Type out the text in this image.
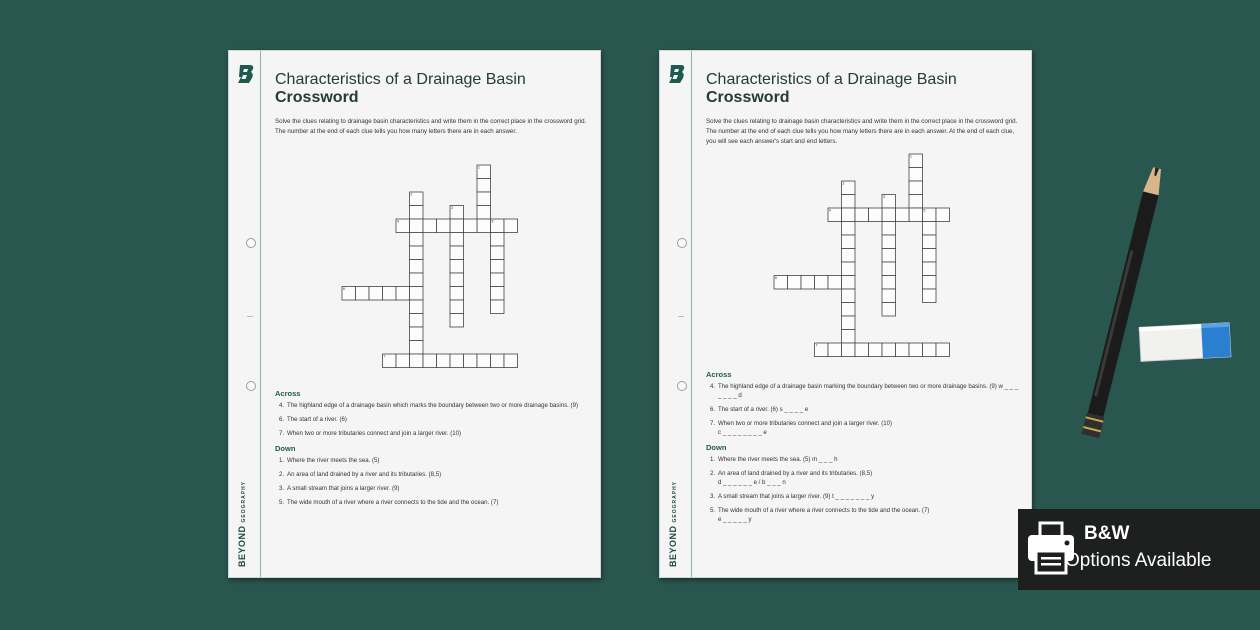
BEYONDGEOGRAPHY
Characteristics of a Drainage Basin
Crossword
Solve the clues relating to drainage basin characteristics and write them in the correct place in the crossword grid. The number at the end of each clue tells you how many letters there are in each answer.
1
2
3
4	5
6
7
Across
4. The highland edge of a drainage basin which marks the boundary between two or more drainage basins. (9)
6. The start of a river. (6)
7. When two or more tributaries connect and join a larger river. (10)
Down
1. Where the river meets the sea. (5)
2. An area of land drained by a river and its tributaries. (8,5)
3. A small stream that joins a larger river. (9)
5. The wide mouth of a river where a river connects to the tide and the ocean. (7)
BEYONDGEOGRAPHY
Characteristics of a Drainage Basin
Crossword
Solve the clues relating to drainage basin characteristics and write them in the correct place in the crossword grid. The number at the end of each clue tells you how many letters there are in each answer. At the end of each clue, you will see each answer's start and end letters.
1
2
3
4	5
6
7
Across
4. The highland edge of a drainage basin marking the boundary between two or more drainage basins. (9) w _ _ _ _ _ _ _ d
6. The start of a river. (6) s _ _ _ _ e
7. When two or more tributaries connect and join a larger river. (10)
c _ _ _ _ _ _ _ _ e
Down
1. Where the river meets the sea. (5) m _ _ _ h
2. An area of land drained by a river and its tributaries. (8,5)
d _ _ _ _ _ _ e / b _ _ _ n
3. A small stream that joins a larger river. (9) t _ _ _ _ _ _ _ y
5. The wide mouth of a river where a river connects to the tide and the ocean. (7)
e _ _ _ _ _ y
B&W
Options Available
